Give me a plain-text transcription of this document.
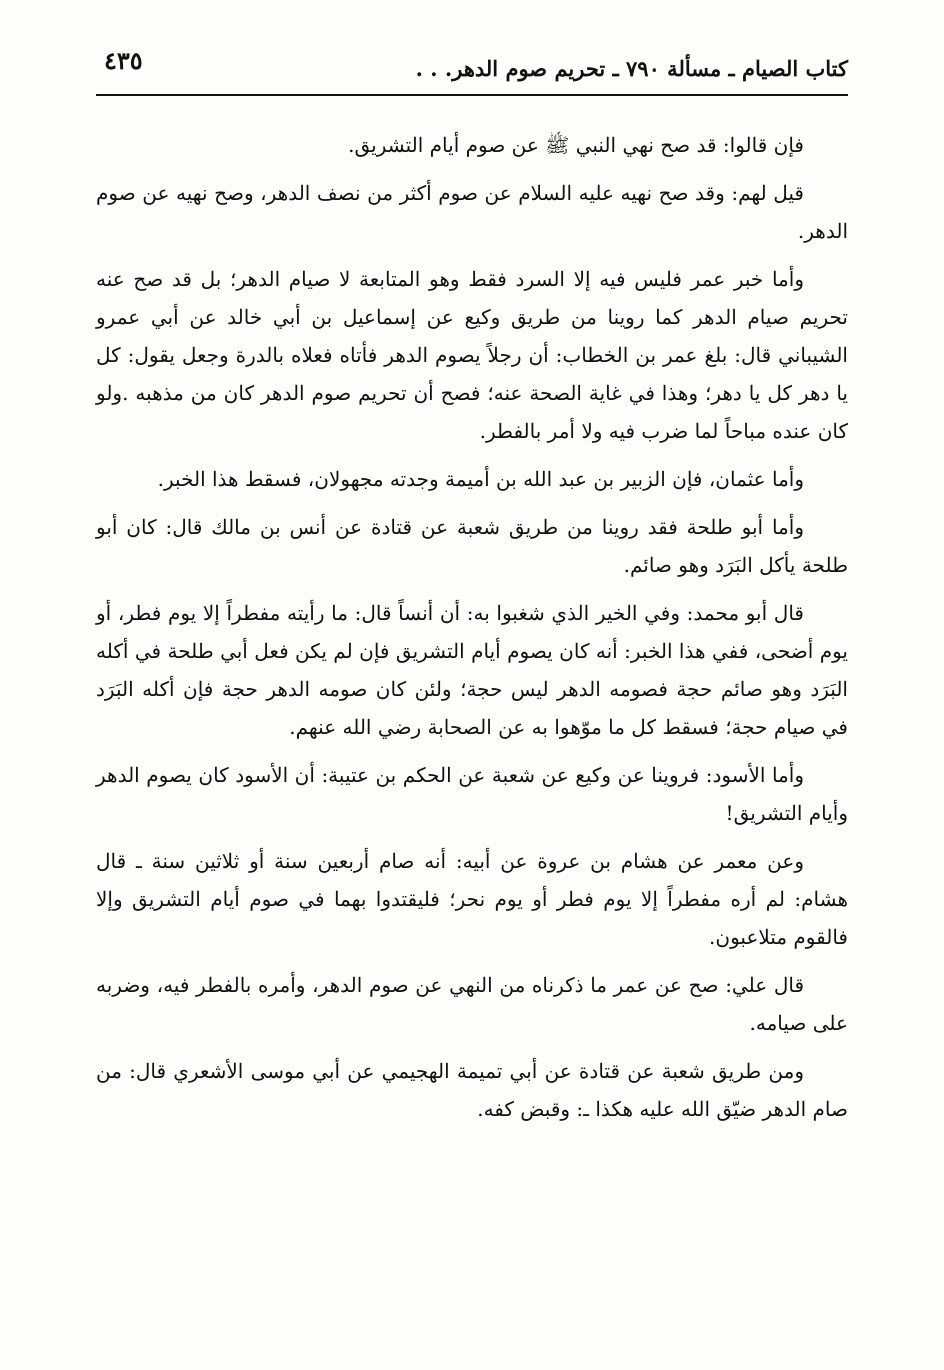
كتاب الصيام ـ مسألة ٧٩٠ ـ تحريم صوم الدهر. . .
٤٣٥

فإن قالوا: قد صح نهي النبي ﷺ عن صوم أيام التشريق.

قيل لهم: وقد صح نهيه عليه السلام عن صوم أكثر من نصف الدهر، وصح نهيه عن صوم الدهر.

وأما خبر عمر فليس فيه إلا السرد فقط وهو المتابعة لا صيام الدهر؛ بل قد صح عنه تحريم صيام الدهر كما روينا من طريق وكيع عن إسماعيل بن أبي خالد عن أبي عمرو الشيباني قال: بلغ عمر بن الخطاب: أن رجلاً يصوم الدهر فأتاه فعلاه بالدرة وجعل يقول: كل يا دهر كل يا دهر؛ وهذا في غاية الصحة عنه؛ فصح أن تحريم صوم الدهر كان من مذهبه .ولو كان عنده مباحاً لما ضرب فيه ولا أمر بالفطر.

وأما عثمان، فإن الزبير بن عبد الله بن أميمة وجدته مجهولان، فسقط هذا الخبر.

وأما أبو طلحة فقد روينا من طريق شعبة عن قتادة عن أنس بن مالك قال: كان أبو طلحة يأكل البَرَد وهو صائم.

قال أبو محمد: وفي الخير الذي شغبوا به: أن أنساً قال: ما رأيته مفطراً إلا يوم فطر، أو يوم أضحى، ففي هذا الخبر: أنه كان يصوم أيام التشريق فإن لم يكن فعل أبي طلحة في أكله البَرَد وهو صائم حجة فصومه الدهر ليس حجة؛ ولئن كان صومه الدهر حجة فإن أكله البَرَد في صيام حجة؛ فسقط كل ما موّهوا به عن الصحابة رضي الله عنهم.

وأما الأسود: فروينا عن وكيع عن شعبة عن الحكم بن عتيبة: أن الأسود كان يصوم الدهر وأيام التشريق!

وعن معمر عن هشام بن عروة عن أبيه: أنه صام أربعين سنة أو ثلاثين سنة ـ قال هشام: لم أره مفطراً إلا يوم فطر أو يوم نحر؛ فليقتدوا بهما في صوم أيام التشريق وإلا فالقوم متلاعبون.

قال علي: صح عن عمر ما ذكرناه من النهي عن صوم الدهر، وأمره بالفطر فيه، وضربه على صيامه.

ومن طريق شعبة عن قتادة عن أبي تميمة الهجيمي عن أبي موسى الأشعري قال: من صام الدهر ضيّق الله عليه هكذا ـ: وقبض كفه.
